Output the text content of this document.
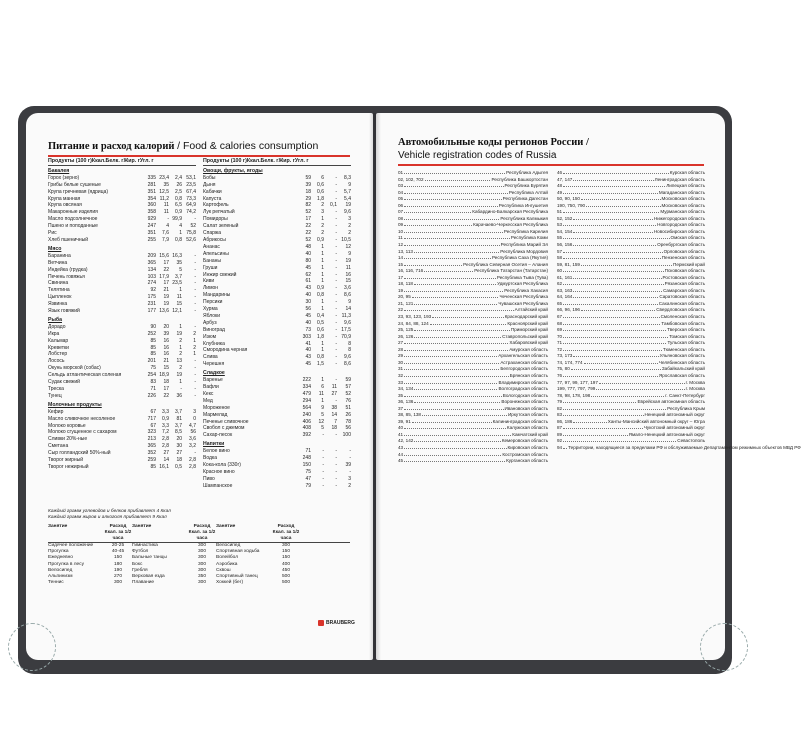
Питание и расход калорий / Food & calories consumption
Продукты (100 г) Ккал. Белк. г Жир. г Угл. г
Бакалея
Горох (зерно)	335 23,4	2,4 53,1
Грибы белые сушеные	281	35	26 23,5
Крупа гречневая (ядрица)	351 12,5	2,5 67,4
Крупа манная	354 11,2	0,8 73,3
Крупа овсяная	360	11	6,5 64,9
Макаронные изделия	358	11	0,9 74,2
Масло подсолнечное	929	- 99,9	-
Пшено и поподанные	247	4	4	52
Рис	351	7,6	1 75,8
Хлеб пшеничный	255	7,9	0,8 52,6
Мясо
Баранина	209 15,6 16,3	-
Ветчина	365	17	35	-
Индейка (грудка)	134	22	5	-
Печень говяжья	103 17,9	3,7	-
Свинина	274	17 23,5	-
Телятина	92	21	1	-
Цыпленок	175	19	11	-
Язвинка	231	19	15	-
Язык говяжий	177 13,6 12,1	-
Рыба
Дорадо	90	20	1	-
Икра	252	39	19	2
Кальмар	85	16	2	1
Креветки	85	16	1	2
Лобстер	85	16	2	1
Лосось	201	21	13	-
Окунь морской (собас)	75	15	2	-
Сельдь атлантическая соленая	254 18,9	19	-
Судак свежий	83	18	1	-
Треска	71	17	-	-
Тунец	226	22	36	-
Молочные продукты
Кефир	67	3,3	3,7	3
Масло сливочное несоленое	717	0,9	81	0
Молоко коровье	67	3,3	3,7	4,7
Молоко сгущенное с сахаром	323	7,2	8,5	56
Сливки 20%-ные	213	2,8	20	3,6
Сметана	365	2,8	30	3,2
Сыр голландский 50%-ный	352	27	27	-
Творог жирный	259	14	18	2,8
Творог нежирный	85 16,1	0,5	2,8
Продукты (100 г) Ккал. Белк. г Жир. г Угл. г
Овощи, фрукты, ягоды
Бобы	59	6	-	8,3
Дыня	39	0,6	-	9
Кабачки	18	0,6	-	5,7
Капуста	29	1,8	-	5,4
Картофель	82	2	0,1	19
Лук репчатый	52	3	-	9,6
Помидоры	17	1	-	3
Салат зеленый	22	2	-	2
Спаржа	22	2	-	2
Абрикосы	52	0,9	- 10,5
Ананас	48	1	-	12
Апельсины	40	1	-	9
Бананы	80	1	-	19
Груши	45	1	-	11
Инжир свежий	62	1	-	16
Киви	61	1	-	15
Лимон	43	0,9	-	3,6
Мандарины	40	0,8	-	8,6
Персики	30	1	-	9
Хурма	56	1	-	14
Яблоки	45	0,4	- 11,3
Арбуз	40	0,5	-	9,6
Виноград	73	0,6	- 17,5
Изюм	303	1,8	- 70,9
Клубника	41	1	-	8
Смородина черная	40	1	-	8
Слива	43	0,8	-	9,6
Черешня	45	1,5	-	8,6
Сладкое
Варенье	222	1	-	59
Вафли	334	6	11	57
Кекс	479	11	27	52
Мед	294	1	-	76
Мороженое	564	9	38	51
Мармелад	240	5	14	26
Печенье сливочное	406	12	7	78
Свобол с джемом	408	5	18	56
Сахар-песок	392	-	-	100
Напитки
Белое вино	71	-	-	-
Водка	248	-	-	-
Кока-кола (330г)	150	-	-	39
Красное вино	75	-	-	-
Пиво	47	-	-	3
Шампанское	79	-	-	2
Каждый грамм углеводов и белков прибавляет 4 Ккал
Каждый грамм жиров и алкоголя прибавляет 9 Ккал
Занятие	Расход Ккал. за 1/2 часа
Занятие	Расход Ккал. за 1/2 часа
Занятие	Расход Ккал. за 1/2 часа
Сидячее положение	20-25	Гимнастика	300	Велосипед	300
Прогулка	40-45	Футбол	300	Спортивная ходьба	150
Ежедневно	150	Бальные танцы	300	Волейбол	150
Прогулка в лесу	180	Бокс	300	Аэробика	400
Велосипед	190	Гребля	300	Сквош	450
Альпинизм	270	Верховая езда	350	Спортивный танец	500
Теннис	300	Плавание	300	Хоккей (бег)	500
BRAUBERG
Автомобильные коды регионов России /
Vehicle registration codes of Russia
01	Республика Адыгея
02, 102, 702	Республика Башкортостан
03	Республика Бурятия
04	Республика Алтай
05	Республика Дагестан
06	Республика Ингушетия
07	Кабардино-Балкарская Республика
08	Республика Калмыкия
09	Карачаево-Черкесская Республика
10	Республика Карелия
11	Республика Коми
12	Республика Марий Эл
13, 113	Республика Мордовия
14	Республика Саха (Якутия)
15	Республика Северная Осетия – Алания
16, 116, 716	Республика Татарстан (Татарстан)
17	Республика Тыва (Тува)
18, 118	Удмуртская Республика
19	Республика Хакасия
20, 95	Чеченская Республика
21, 121	Чувашская Республика
22	Алтайский край
23, 93, 123, 193	Краснодарский край
24, 84, 88, 124	Красноярский край
25, 125	Приморский край
26, 126	Ставропольский край
27	Хабаровский край
28	Амурская область
29	Архангельская область
30	Астраханская область
31	Белгородская область
32	Брянская область
33	Владимирская область
34, 134	Волгоградская область
35	Вологодская область
36, 136	Воронежская область
37	Ивановская область
38, 85, 138	Иркутская область
39, 91	Калининградская область
40	Калужская область
41	Камчатский край
42, 142	Кемеровская область
43	Кировская область
44	Костромская область
45	Курганская область
46	Курская область
47, 147	Ленинградская область
48	Липецкая область
49	Магаданская область
50, 90, 150	Московская область
190, 750, 790	Московская область
51	Мурманская область
52, 152	Нижегородская область
53	Новгородская область
54, 154	Новосибирская область
55	Омская область
56, 156	Оренбургская область
57	Орловская область
58	Пензенская область
59, 81, 159	Пермский край
60	Псковская область
61, 161	Ростовская область
62	Рязанская область
63, 163	Самарская область
64, 164	Саратовская область
65	Сахалинская область
66, 96, 196	Свердловская область
67	Смоленская область
68	Тамбовская область
69	Тверская область
70	Томская область
71	Тульская область
72	Тюменская область
73, 173	Ульяновская область
74, 174, 774	Челябинская область
75, 80	Забайкальский край
76	Ярославская область
77, 97, 99, 177, 197	г. Москва
199, 777, 797, 799	г. Москва
78, 98, 178, 198	г. Санкт-Петербург
79	Еврейская автономная область
82	Республика Крым
83	Ненецкий автономный округ
86, 186	Ханты-Мансийский автономный округ – Югра
87	Чукотский автономный округ
89	Ямало-Ненецкий автономный округ
92	Севастополь
94 Территории, находящиеся за пределами РФ и обслуживаемые Департаментом режимных объектов МВД РФ
